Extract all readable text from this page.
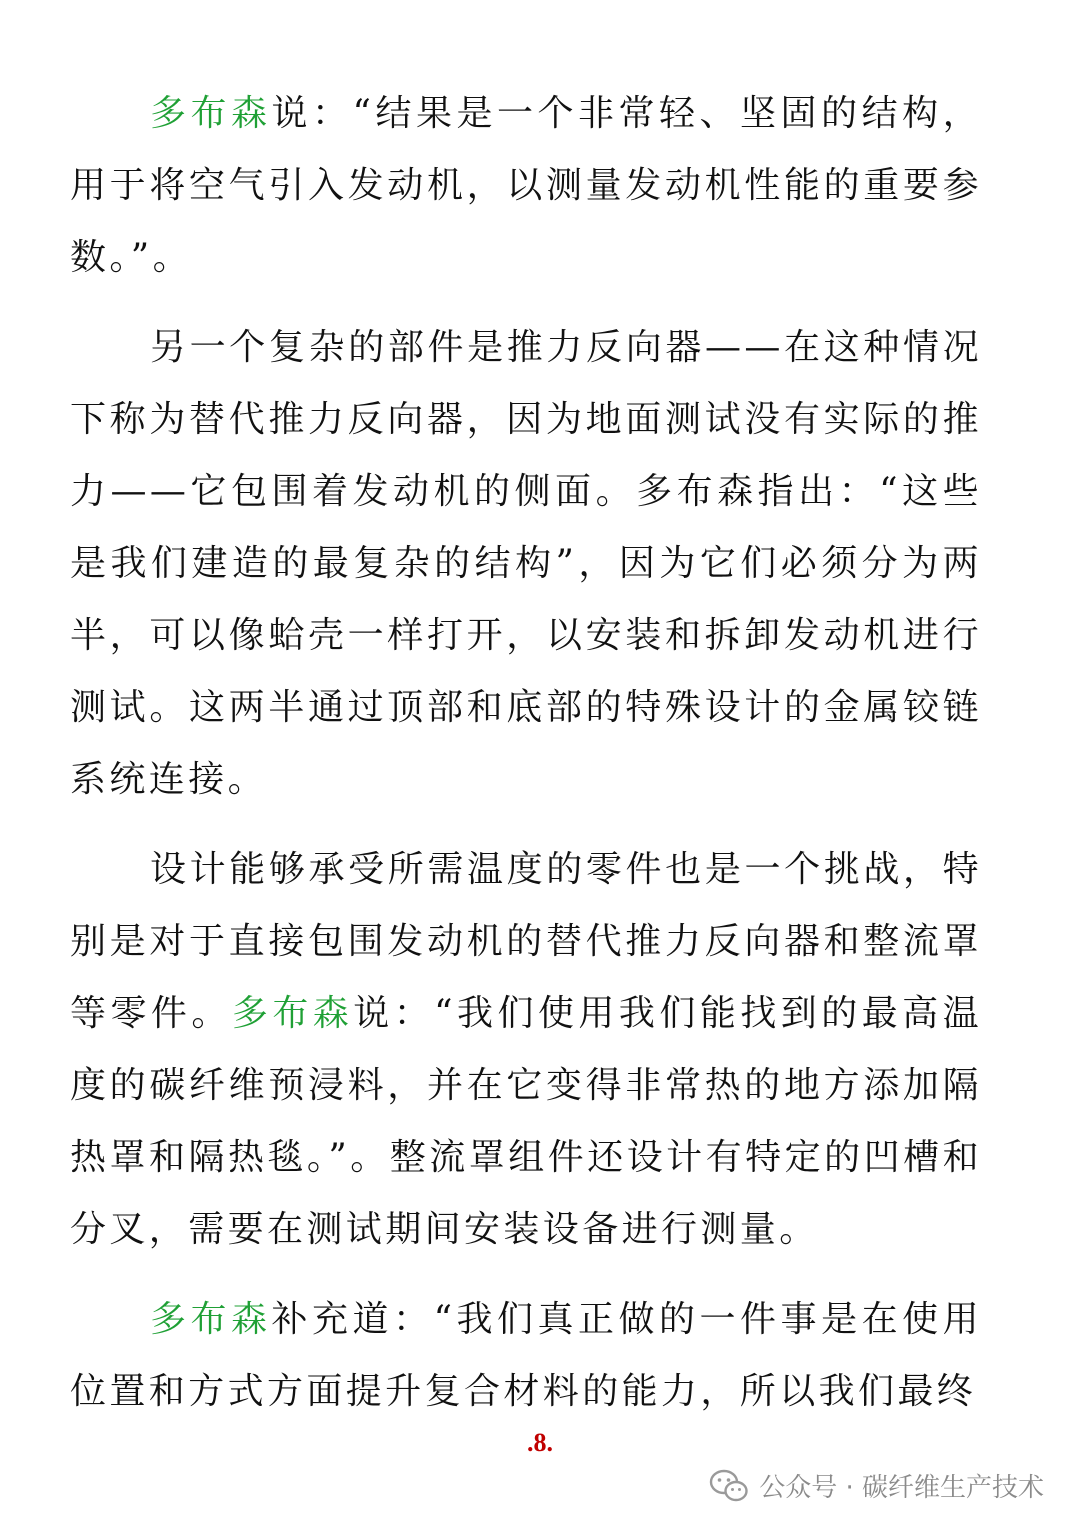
多布森说：“结果是一个非常轻、坚固的结构，用于将空气引入发动机，以测量发动机性能的重要参数。”。

另一个复杂的部件是推力反向器——在这种情况下称为替代推力反向器，因为地面测试没有实际的推力——它包围着发动机的侧面。多布森指出：“这些是我们建造的最复杂的结构”，因为它们必须分为两半，可以像蛤壳一样打开，以安装和拆卸发动机进行测试。这两半通过顶部和底部的特殊设计的金属铰链系统连接。

设计能够承受所需温度的零件也是一个挑战，特别是对于直接包围发动机的替代推力反向器和整流罩等零件。多布森说：“我们使用我们能找到的最高温度的碳纤维预浸料，并在它变得非常热的地方添加隔热罩和隔热毯。”。整流罩组件还设计有特定的凹槽和分叉，需要在测试期间安装设备进行测量。

多布森补充道：“我们真正做的一件事是在使用位置和方式方面提升复合材料的能力，所以我们最终

.8.
公众号 · 碳纤维生产技术
